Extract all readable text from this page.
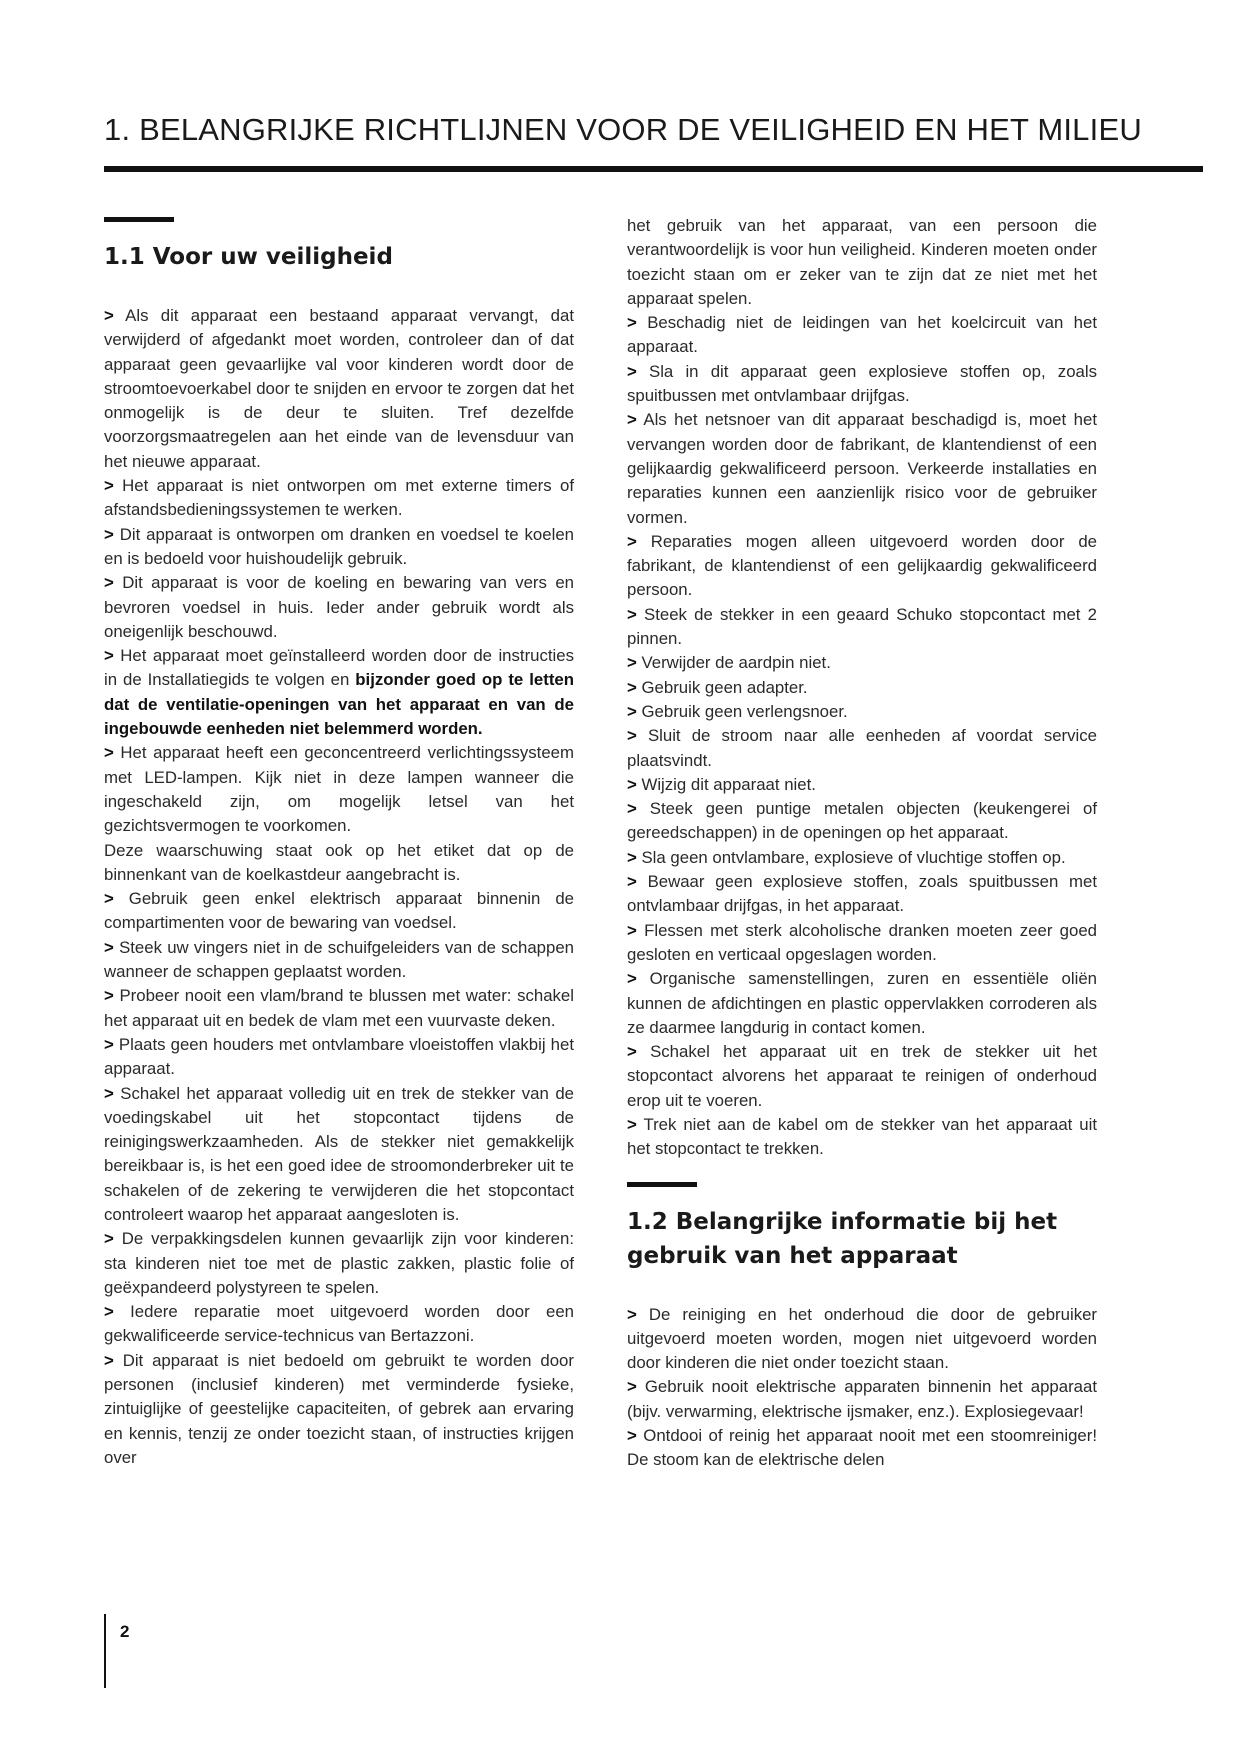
1. BELANGRIJKE RICHTLIJNEN VOOR DE VEILIGHEID EN HET MILIEU
1.1 Voor uw veiligheid

> Als dit apparaat een bestaand apparaat vervangt, dat verwijderd of afgedankt moet worden, controleer dan of dat apparaat geen gevaarlijke val voor kinderen wordt door de stroomtoevoerkabel door te snijden en ervoor te zorgen dat het onmogelijk is de deur te sluiten. Tref dezelfde voorzorgsmaatregelen aan het einde van de levensduur van het nieuwe apparaat.

> Het apparaat is niet ontworpen om met externe timers of afstandsbedieningssystemen te werken.

> Dit apparaat is ontworpen om dranken en voedsel te koelen en is bedoeld voor huishoudelijk gebruik.

> Dit apparaat is voor de koeling en bewaring van vers en bevroren voedsel in huis. Ieder ander gebruik wordt als oneigenlijk beschouwd.

> Het apparaat moet geïnstalleerd worden door de instructies in de Installatiegids te volgen en bijzonder goed op te letten dat de ventilatie-openingen van het apparaat en van de ingebouwde eenheden niet belemmerd worden.

> Het apparaat heeft een geconcentreerd verlichtingssysteem met LED-lampen. Kijk niet in deze lampen wanneer die ingeschakeld zijn, om mogelijk letsel van het gezichtsvermogen te voorkomen.

Deze waarschuwing staat ook op het etiket dat op de binnenkant van de koelkastdeur aangebracht is.

> Gebruik geen enkel elektrisch apparaat binnenin de compartimenten voor de bewaring van voedsel.

> Steek uw vingers niet in de schuifgeleiders van de schappen wanneer de schappen geplaatst worden.

> Probeer nooit een vlam/brand te blussen met water: schakel het apparaat uit en bedek de vlam met een vuurvaste deken.

> Plaats geen houders met ontvlambare vloeistoffen vlakbij het apparaat.

> Schakel het apparaat volledig uit en trek de stekker van de voedingskabel uit het stopcontact tijdens de reinigingswerkzaamheden. Als de stekker niet gemakkelijk bereikbaar is, is het een goed idee de stroomonderbreker uit te schakelen of de zekering te verwijderen die het stopcontact controleert waarop het apparaat aangesloten is.

> De verpakkingsdelen kunnen gevaarlijk zijn voor kinderen: sta kinderen niet toe met de plastic zakken, plastic folie of geëxpandeerd polystyreen te spelen.

> Iedere reparatie moet uitgevoerd worden door een gekwalificeerde service-technicus van Bertazzoni.

> Dit apparaat is niet bedoeld om gebruikt te worden door personen (inclusief kinderen) met verminderde fysieke, zintuiglijke of geestelijke capaciteiten, of gebrek aan ervaring en kennis, tenzij ze onder toezicht staan, of instructies krijgen over

het gebruik van het apparaat, van een persoon die verantwoordelijk is voor hun veiligheid. Kinderen moeten onder toezicht staan om er zeker van te zijn dat ze niet met het apparaat spelen.

> Beschadig niet de leidingen van het koelcircuit van het apparaat.

> Sla in dit apparaat geen explosieve stoffen op, zoals spuitbussen met ontvlambaar drijfgas.

> Als het netsnoer van dit apparaat beschadigd is, moet het vervangen worden door de fabrikant, de klantendienst of een gelijkaardig gekwalificeerd persoon. Verkeerde installaties en reparaties kunnen een aanzienlijk risico voor de gebruiker vormen.

> Reparaties mogen alleen uitgevoerd worden door de fabrikant, de klantendienst of een gelijkaardig gekwalificeerd persoon.

> Steek de stekker in een geaard Schuko stopcontact met 2 pinnen.

> Verwijder de aardpin niet.

> Gebruik geen adapter.

> Gebruik geen verlengsnoer.

> Sluit de stroom naar alle eenheden af voordat service plaatsvindt.

> Wijzig dit apparaat niet.

> Steek geen puntige metalen objecten (keukengerei of gereedschappen) in de openingen op het apparaat.

> Sla geen ontvlambare, explosieve of vluchtige stoffen op.

> Bewaar geen explosieve stoffen, zoals spuitbussen met ontvlambaar drijfgas, in het apparaat.

> Flessen met sterk alcoholische dranken moeten zeer goed gesloten en verticaal opgeslagen worden.

> Organische samenstellingen, zuren en essentiële oliën kunnen de afdichtingen en plastic oppervlakken corroderen als ze daarmee langdurig in contact komen.

> Schakel het apparaat uit en trek de stekker uit het stopcontact alvorens het apparaat te reinigen of onderhoud erop uit te voeren.

> Trek niet aan de kabel om de stekker van het apparaat uit het stopcontact te trekken.

1.2 Belangrijke informatie bij het gebruik van het apparaat

> De reiniging en het onderhoud die door de gebruiker uitgevoerd moeten worden, mogen niet uitgevoerd worden door kinderen die niet onder toezicht staan.

> Gebruik nooit elektrische apparaten binnenin het apparaat (bijv. verwarming, elektrische ijsmaker, enz.). Explosiegevaar!

> Ontdooi of reinig het apparaat nooit met een stoomreiniger! De stoom kan de elektrische delen

2
